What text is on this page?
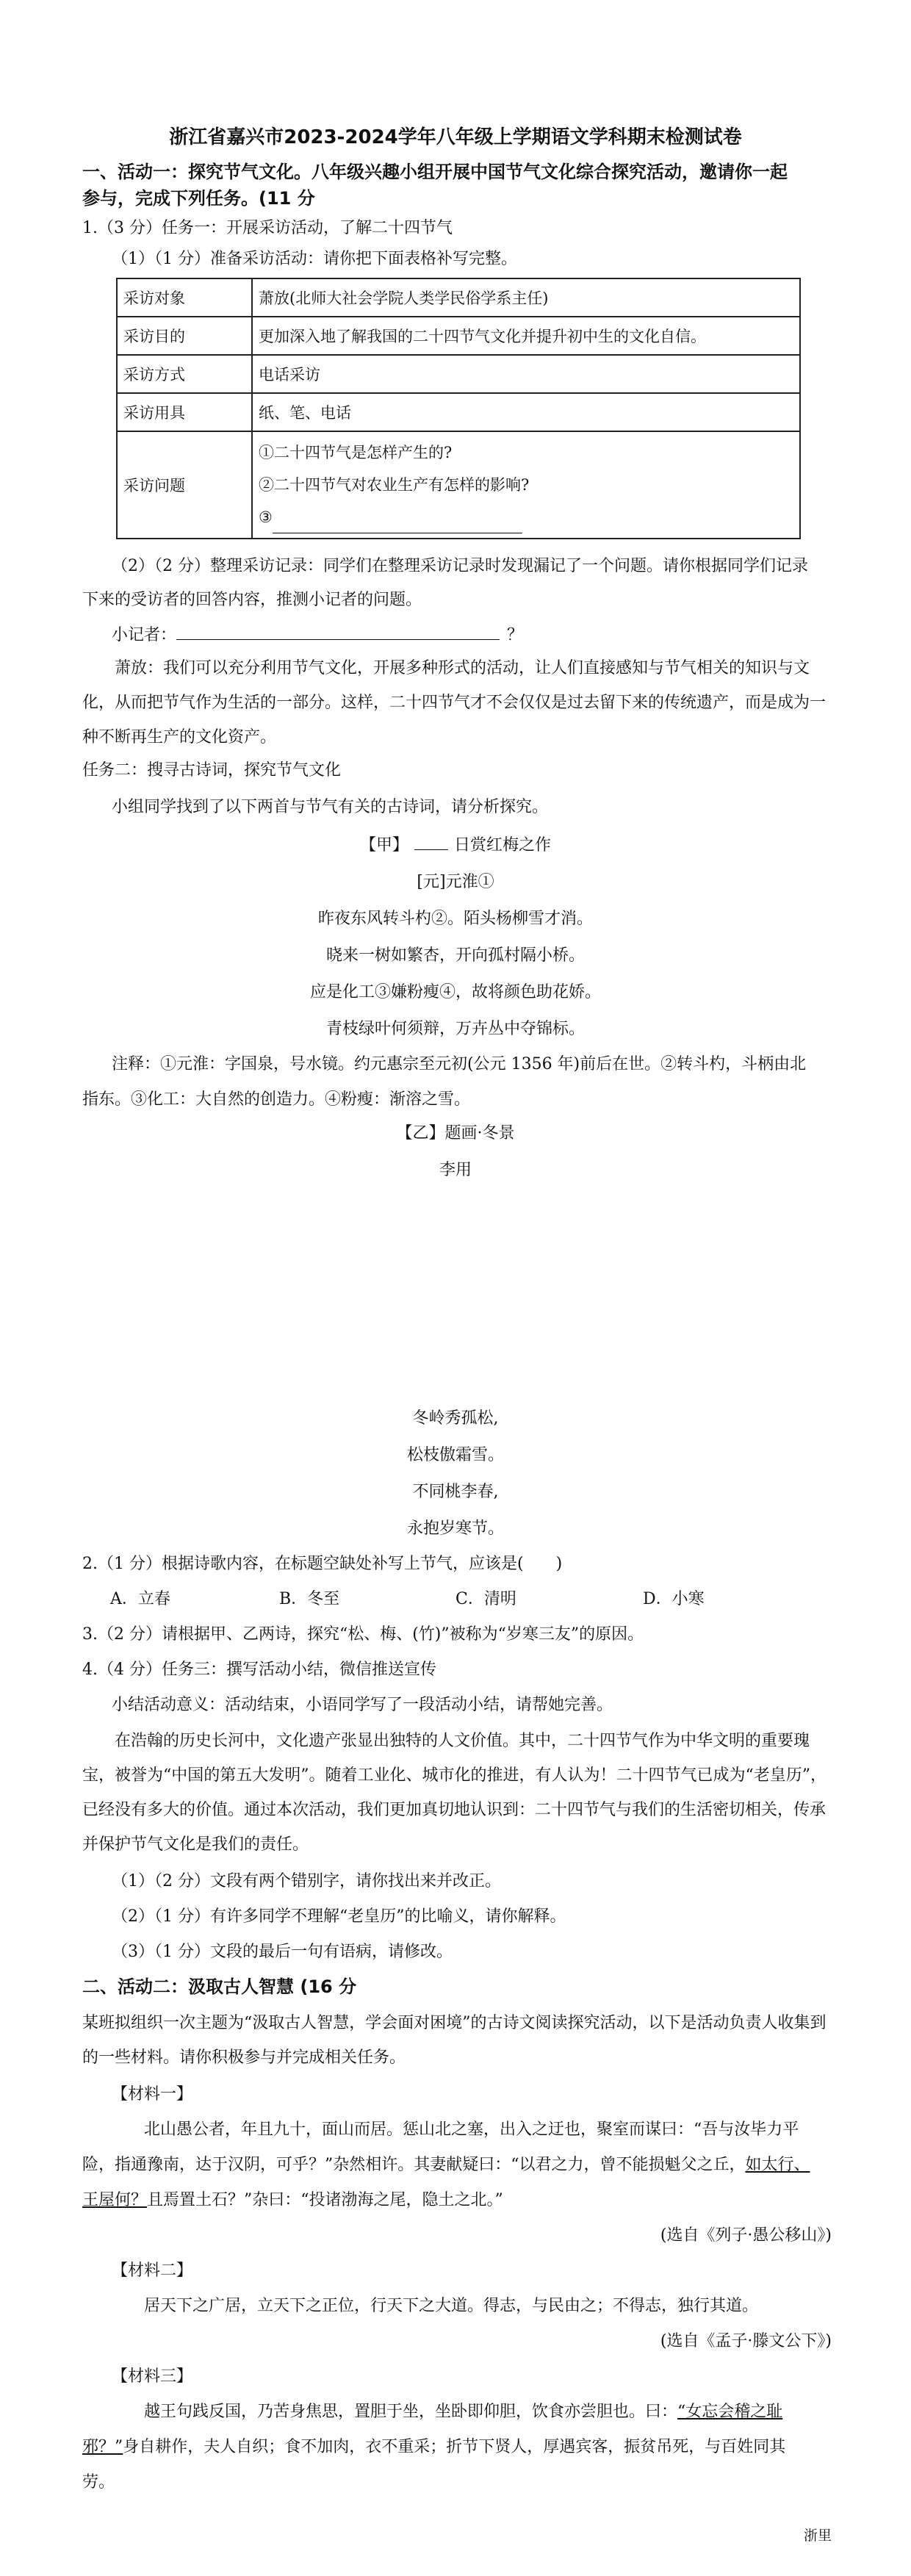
浙江省嘉兴市2023-2024学年八年级上学期语文学科期末检测试卷
一、活动一：探究节气文化。八年级兴趣小组开展中国节气文化综合探究活动，邀请你一起
参与，完成下列任务。(11 分
1.（3 分）任务一：开展采访活动，了解二十四节气
（1）（1 分）准备采访活动：请你把下面表格补写完整。
采访对象	萧放(北师大社会学院人类学民俗学系主任)
采访目的	更加深入地了解我国的二十四节气文化并提升初中生的文化自信。
采访方式	电话采访
采访用具	纸、笔、电话
采访问题	①二十四节气是怎样产生的?
②二十四节气对农业生产有怎样的影响?
③
（2）（2 分）整理采访记录：同学们在整理采访记录时发现漏记了一个问题。请你根据同学们记录
下来的受访者的回答内容，推测小记者的问题。
小记者：	？
萧放：我们可以充分利用节气文化，开展多种形式的活动，让人们直接感知与节气相关的知识与文化，从而把节气作为生活的一部分。这样，二十四节气才不会仅仅是过去留下来的传统遗产，而是成为一种不断再生产的文化资产。
任务二：搜寻古诗词，探究节气文化
小组同学找到了以下两首与节气有关的古诗词，请分析探究。
【甲】	日赏红梅之作
[元]元淮①
昨夜东风转斗杓②。陌头杨柳雪才消。
晓来一树如繁杏，开向孤村隔小桥。
应是化工③嫌粉瘦④，故将颜色助花娇。
青枝绿叶何须辩，万卉丛中夺锦标。
注释：①元淮：字国泉，号水镜。约元惠宗至元初(公元 1356 年)前后在世。②转斗杓，斗柄由北
指东。③化工：大自然的创造力。④粉瘦：渐溶之雪。
【乙】题画·冬景
李用
冬岭秀孤松,
松枝傲霜雪。
不同桃李春,
永抱岁寒节。
2.（1 分）根据诗歌内容，在标题空缺处补写上节气，应该是(　　)
A．立春	B．冬至	C．清明	D．小寒
3.（2 分）请根据甲、乙两诗，探究“松、梅、(竹)”被称为“岁寒三友”的原因。
4.（4 分）任务三：撰写活动小结，微信推送宣传
小结活动意义：活动结束，小语同学写了一段活动小结，请帮她完善。
在浩翰的历史长河中，文化遗产张显出独特的人文价值。其中，二十四节气作为中华文明的重要瑰宝，被誉为“中国的第五大发明”。随着工业化、城市化的推进，有人认为！二十四节气已成为“老皇历”，已经没有多大的价值。通过本次活动，我们更加真切地认识到：二十四节气与我们的生活密切相关，传承并保护节气文化是我们的责任。
（1）（2 分）文段有两个错别字，请你找出来并改正。
（2）（1 分）有许多同学不理解“老皇历”的比喻义，请你解释。
（3）（1 分）文段的最后一句有语病，请修改。
二、活动二：汲取古人智慧 (16 分
某班拟组织一次主题为“汲取古人智慧，学会面对困境”的古诗文阅读探究活动，以下是活动负责人收集到的一些材料。请你积极参与并完成相关任务。
【材料一】
北山愚公者，年且九十，面山而居。惩山北之塞，出入之迂也，聚室而谋曰：“吾与汝毕力平
险，指通豫南，达于汉阴，可乎？”杂然相许。其妻献疑曰：“以君之力，曾不能损魁父之丘，如太行、
王屋何？且焉置土石？”杂曰：“投诸渤海之尾，隐土之北。”
(选自《列子·愚公移山》)
【材料二】
居天下之广居，立天下之正位，行天下之大道。得志，与民由之；不得志，独行其道。
(选自《孟子·滕文公下》)
【材料三】
越王句践反国，乃苦身焦思，置胆于坐，坐卧即仰胆，饮食亦尝胆也。曰：“女忘会稽之耻
邪？”身自耕作，夫人自织；食不加肉，衣不重采；折节下贤人，厚遇宾客，振贫吊死，与百姓同其
劳。
浙里
